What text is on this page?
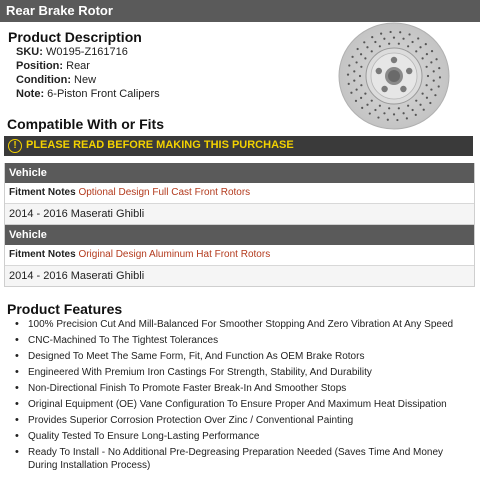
Rear Brake Rotor
Product Description
SKU: W0195-Z161716
Position: Rear
Condition: New
Note: 6-Piston Front Calipers
Compatible With or Fits
! PLEASE READ BEFORE MAKING THIS PURCHASE
Vehicle
Fitment Notes Optional Design Full Cast Front Rotors
2014 - 2016 Maserati Ghibli
Vehicle
Fitment Notes Original Design Aluminum Hat Front Rotors
2014 - 2016 Maserati Ghibli
Product Features
• 100% Precision Cut And Mill-Balanced For Smoother Stopping And Zero Vibration At Any Speed
• CNC-Machined To The Tightest Tolerances
• Designed To Meet The Same Form, Fit, And Function As OEM Brake Rotors
• Engineered With Premium Iron Castings For Strength, Stability, And Durability
• Non-Directional Finish To Promote Faster Break-In And Smoother Stops
• Original Equipment (OE) Vane Configuration To Ensure Proper And Maximum Heat Dissipation
• Provides Superior Corrosion Protection Over Zinc / Conventional Painting
• Quality Tested To Ensure Long-Lasting Performance
• Ready To Install - No Additional Pre-Degreasing Preparation Needed (Saves Time And Money During Installation Process)
